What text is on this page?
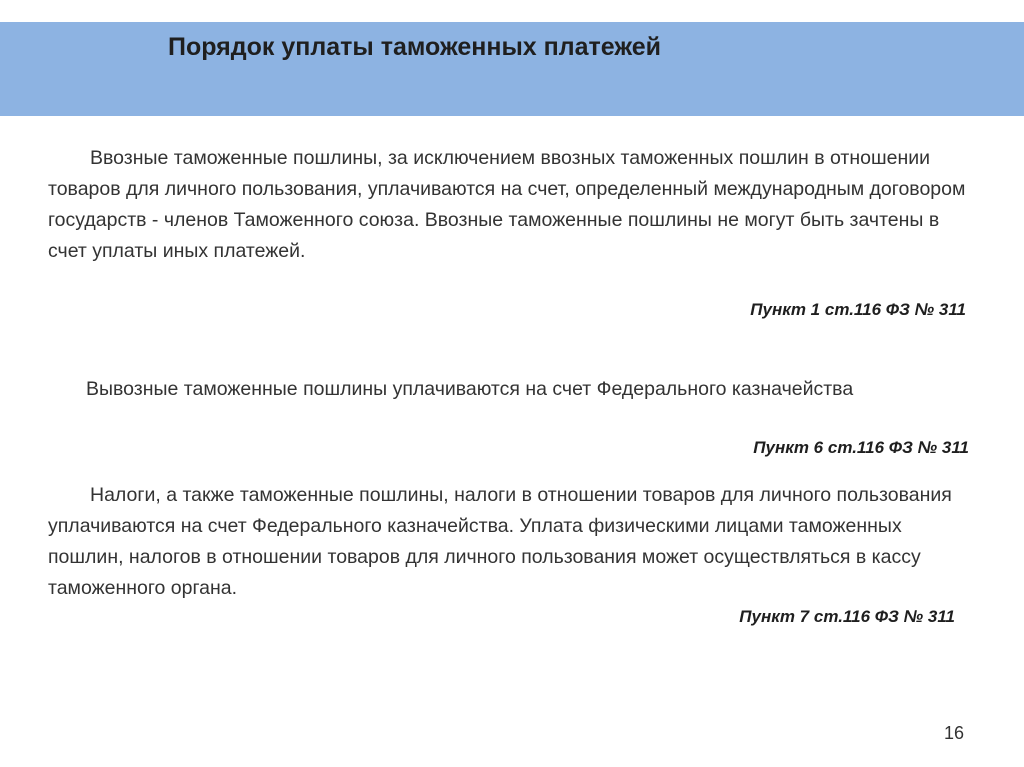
Порядок уплаты таможенных платежей

Ввозные таможенные пошлины, за исключением ввозных таможенных пошлин в отношении товаров для личного пользования, уплачиваются на счет, определенный международным договором государств - членов Таможенного союза. Ввозные таможенные пошлины не могут быть зачтены в счет уплаты иных платежей.

Пункт 1 ст.116 ФЗ № 311

Вывозные таможенные пошлины уплачиваются на счет Федерального казначейства

Пункт 6 ст.116 ФЗ № 311

Налоги, а также таможенные пошлины, налоги в отношении товаров для личного пользования уплачиваются на счет Федерального казначейства. Уплата физическими лицами таможенных пошлин, налогов в отношении товаров для личного пользования может осуществляться в кассу таможенного органа.

Пункт 7 ст.116 ФЗ № 311
16
